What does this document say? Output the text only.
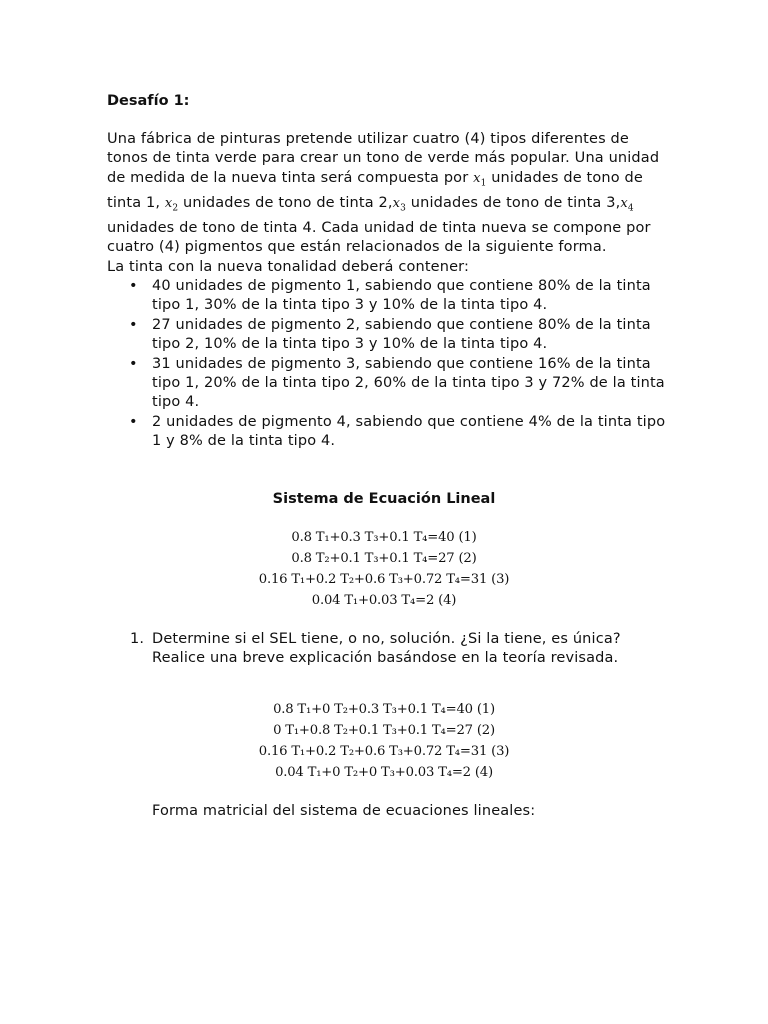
Desafío 1:

Una fábrica de pinturas pretende utilizar cuatro (4) tipos diferentes de tonos de tinta verde para crear un tono de verde más popular. Una unidad de medida de la nueva tinta será compuesta por $x_1$ unidades de tono de tinta 1, $x_2$ unidades de tono de tinta $2,x_3$ unidades de tono de tinta $3,x_4$ unidades de tono de tinta 4. Cada unidad de tinta nueva se compone por cuatro (4) pigmentos que están relacionados de la siguiente forma.

La tinta con la nueva tonalidad deberá contener:

• 40 unidades de pigmento 1, sabiendo que contiene 80% de la tinta tipo 1, 30% de la tinta tipo 3 y 10% de la tinta tipo 4.
• 27 unidades de pigmento 2, sabiendo que contiene 80% de la tinta tipo 2, 10% de la tinta tipo 3 y 10% de la tinta tipo 4.
• 31 unidades de pigmento 3, sabiendo que contiene 16% de la tinta tipo 1, 20% de la tinta tipo 2, 60% de la tinta tipo 3 y 72% de la tinta tipo 4.
• 2 unidades de pigmento 4, sabiendo que contiene 4% de la tinta tipo 1 y 8% de la tinta tipo 4.
Sistema de Ecuación Lineal
0.8 T₁+0.3 T₃+0.1 T₄=40 (1)
0.8 T₂+0.1 T₃+0.1 T₄=27 (2)
0.16 T₁+0.2 T₂+0.6 T₃+0.72 T₄=31 (3)
0.04 T₁+0.03 T₄=2 (4)
1. Determine si el SEL tiene, o no, solución. ¿Si la tiene, es única? Realice una breve explicación basándose en la teoría revisada.
0.8 T₁+0 T₂+0.3 T₃+0.1 T₄=40 (1)
0 T₁+0.8 T₂+0.1 T₃+0.1 T₄=27 (2)
0.16 T₁+0.2 T₂+0.6 T₃+0.72 T₄=31 (3)
0.04 T₁+0 T₂+0 T₃+0.03 T₄=2 (4)
Forma matricial del sistema de ecuaciones lineales:
